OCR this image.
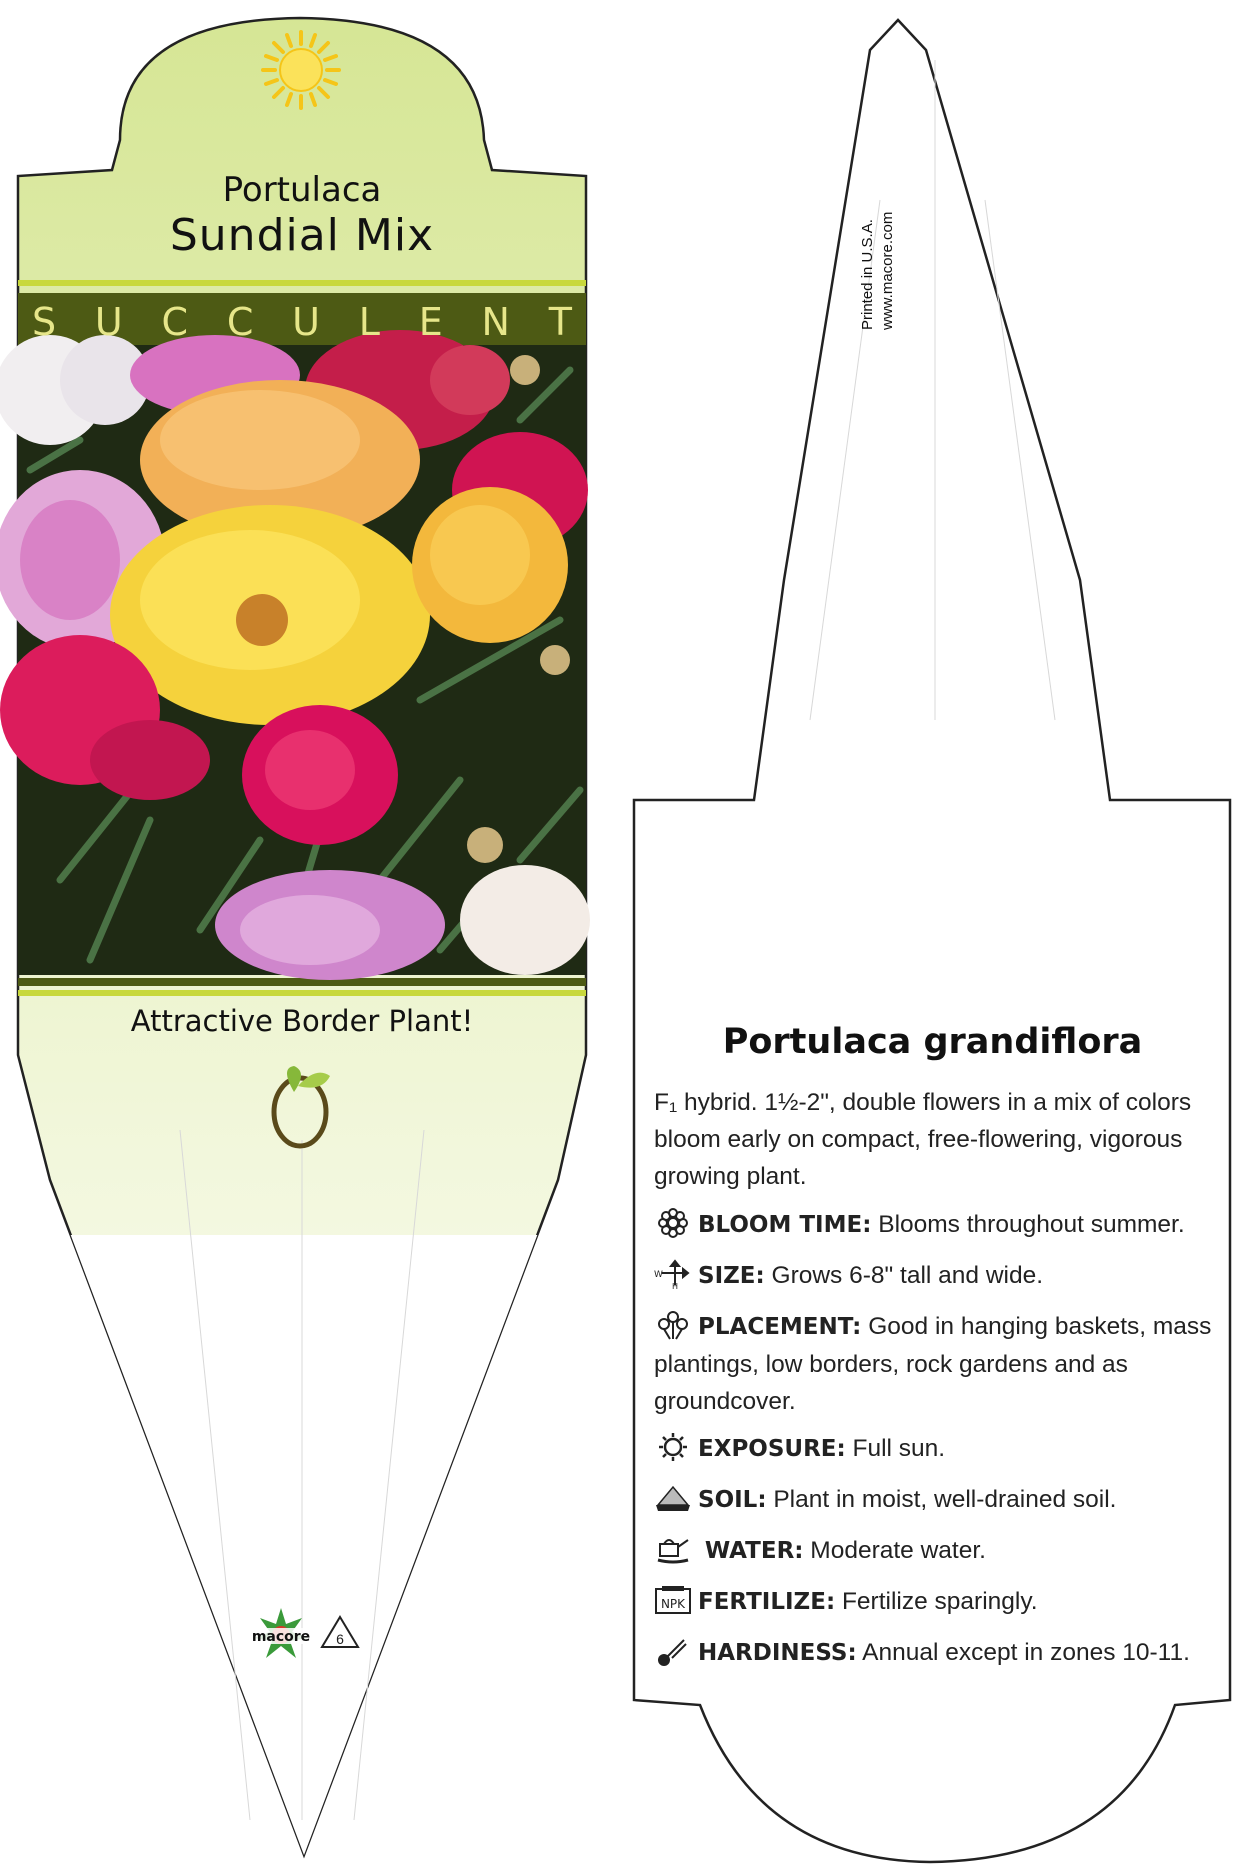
6
Portulaca
Sundial Mix
S U C C U L E N T
Attractive Border Plant!
macore
Printed in U.S.A. www.macore.com
Portulaca grandiflora
F₁ hybrid. 1½-2", double flowers in a mix of colors bloom early on compact, free-flowering, vigorous growing plant.
BLOOM TIME: Blooms throughout summer.
W
H SIZE: Grows 6-8" tall and wide.
PLACEMENT: Good in hanging baskets, mass plantings, low borders, rock gardens and as groundcover.
EXPOSURE: Full sun.
SOIL: Plant in moist, well-drained soil.
WATER: Moderate water.
NPK FERTILIZE: Fertilize sparingly.
HARDINESS: Annual except in zones 10-11.
